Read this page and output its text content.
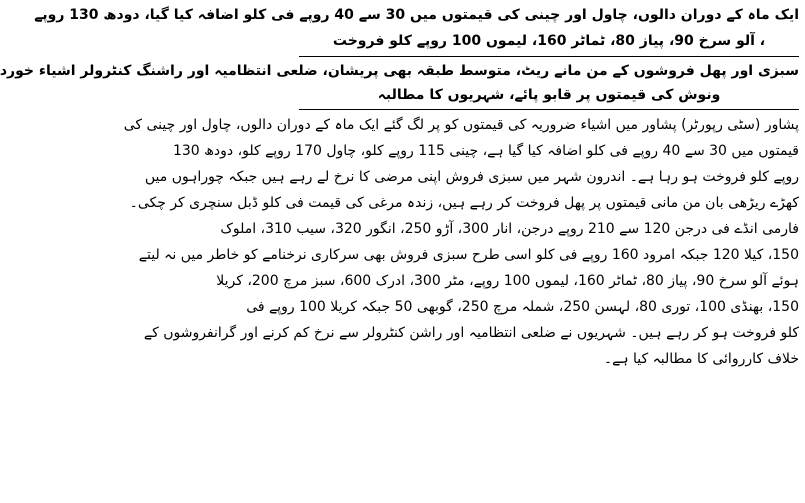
ایک ماہ کے دوران دالوں، چاول اور چینی کی قیمتوں میں 30 سے 40 روپے فی کلو اضافہ کیا گیا، دودھ 130 روپے
، آلو سرخ 90، پیاز 80، ٹماٹر 160، لیموں 100 روپے کلو فروخت
سبزی اور پھل فروشوں کے من مانے ریٹ، متوسط طبقہ بھی پریشان، ضلعی انتظامیہ اور راشنگ کنٹرولر اشیاء خورد
ونوش کی قیمتوں پر قابو پائے، شہریوں کا مطالبہ
پشاور (سٹی رپورٹر) پشاور میں اشیاء ضروریہ کی قیمتوں کو پر لگ گئے ایک ماہ کے دوران دالوں، چاول اور چینی کی
قیمتوں میں 30 سے 40 روپے فی کلو اضافہ کیا گیا ہے، چینی 115 روپے کلو، چاول 170 روپے کلو، دودھ 130
روپے کلو فروخت ہو رہا ہے۔ اندرون شہر میں سبزی فروش اپنی مرضی کا نرخ لے رہے ہیں جبکہ چوراہوں میں
کھڑے ریڑھی بان من مانی قیمتوں پر پھل فروخت کر رہے ہیں، زندہ مرغی کی قیمت فی کلو ڈبل سنچری کر چکی۔
فارمی انڈے فی درجن 120 سے 210 روپے درجن، انار 300، آڑو 250، انگور 320، سیب 310، املوک
150، کیلا 120 جبکہ امرود 160 روپے فی کلو اسی طرح سبزی فروش بھی سرکاری نرخنامے کو خاطر میں نہ لیتے
ہوئے آلو سرخ 90، پیاز 80، ٹماٹر 160، لیموں 100 روپے، مٹر 300، ادرک 600، سبز مرچ 200، کریلا
150، بھنڈی 100، توری 80، لہسن 250، شملہ مرچ 250، گوبھی 50 جبکہ کریلا 100 روپے فی
کلو فروخت ہو کر رہے ہیں۔ شہریوں نے ضلعی انتظامیہ اور راشن کنٹرولر سے نرخ کم کرنے اور گرانفروشوں کے
خلاف کارروائی کا مطالبہ کیا ہے۔
